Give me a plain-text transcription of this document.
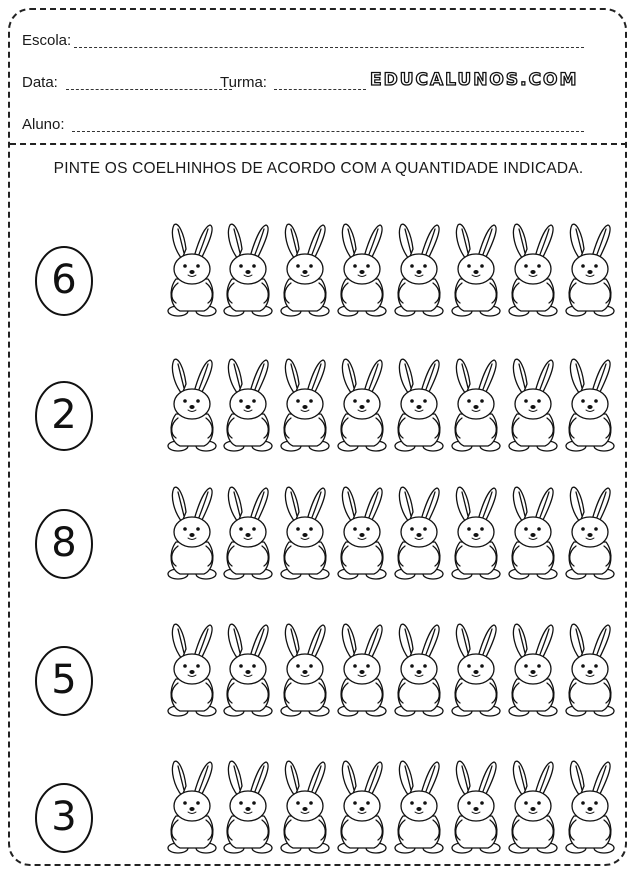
Escola:
Data:	Turma:	EDUCALUNOS.COM
Aluno:
PINTE OS COELHINHOS DE ACORDO COM A QUANTIDADE INDICADA.
6
2
8
5
3
